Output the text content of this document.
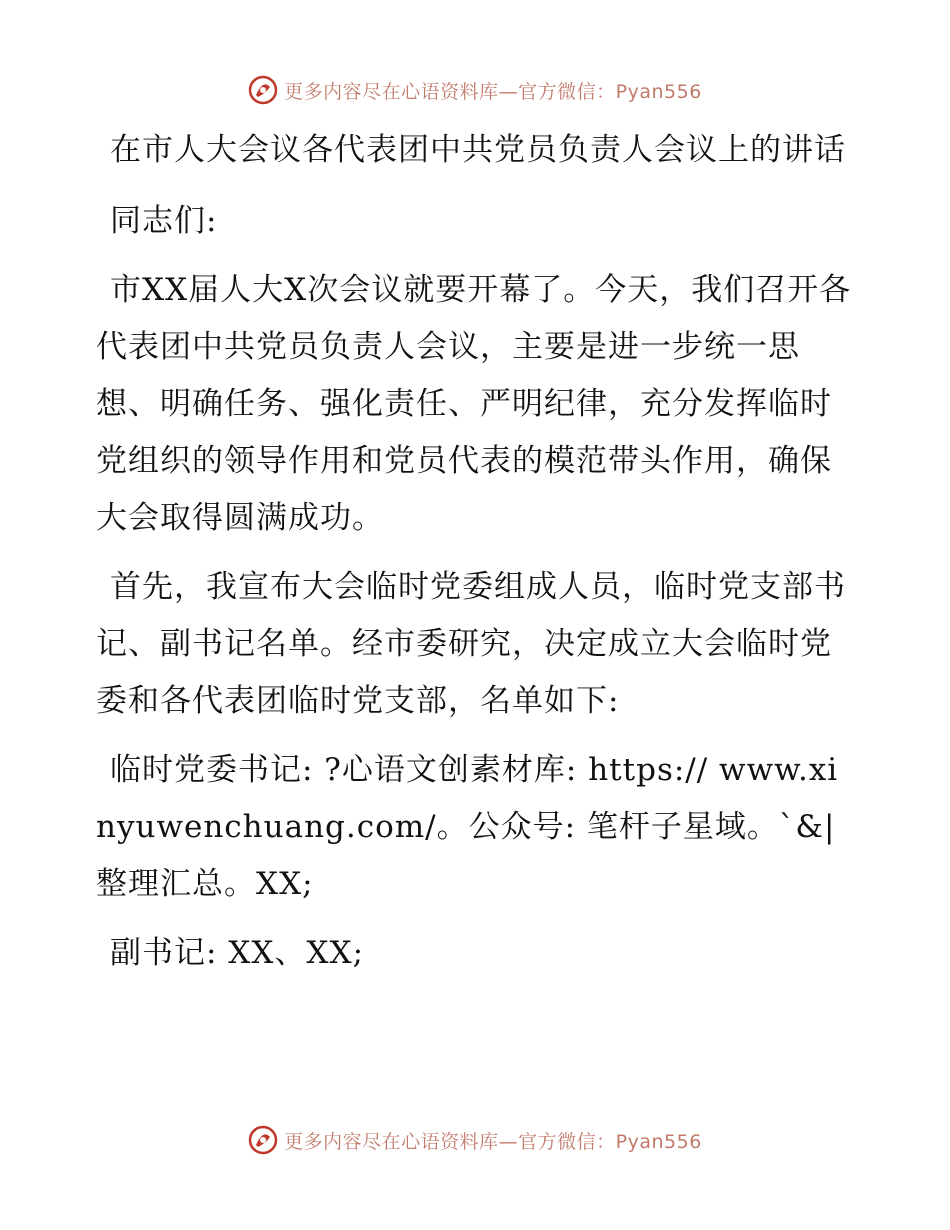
更多内容尽在心语资料库—官方微信：Pyan556

在市人大会议各代表团中共党员负责人会议上的讲话

同志们:

市XX届人大X次会议就要开幕了。今天，我们召开各代表团中共党员负责人会议，主要是进一步统一思想、明确任务、强化责任、严明纪律，充分发挥临时党组织的领导作用和党员代表的模范带头作用，确保大会取得圆满成功。

首先，我宣布大会临时党委组成人员，临时党支部书记、副书记名单。经市委研究，决定成立大会临时党委和各代表团临时党支部，名单如下:

临时党委书记: ?心语文创素材库: https:// www.xinyuwenchuang.com/。公众号: 笔杆子星域。`&|整理汇总。XX;

副书记: XX、XX;

更多内容尽在心语资料库—官方微信：Pyan556
